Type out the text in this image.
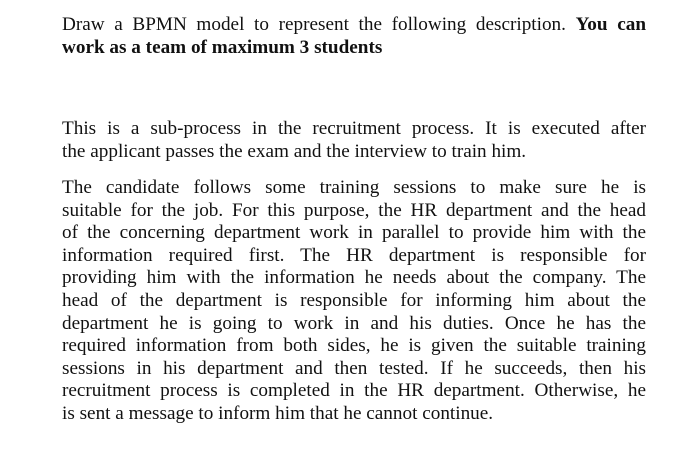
Draw a BPMN model to represent the following description. You can
work as a team of maximum 3 students

This is a sub-process in the recruitment process. It is executed after
the applicant passes the exam and the interview to train him.

The candidate follows some training sessions to make sure he is
suitable for the job. For this purpose, the HR department and the head
of the concerning department work in parallel to provide him with the
information required first. The HR department is responsible for
providing him with the information he needs about the company. The
head of the department is responsible for informing him about the
department he is going to work in and his duties. Once he has the
required information from both sides, he is given the suitable training
sessions in his department and then tested. If he succeeds, then his
recruitment process is completed in the HR department. Otherwise, he
is sent a message to inform him that he cannot continue.
